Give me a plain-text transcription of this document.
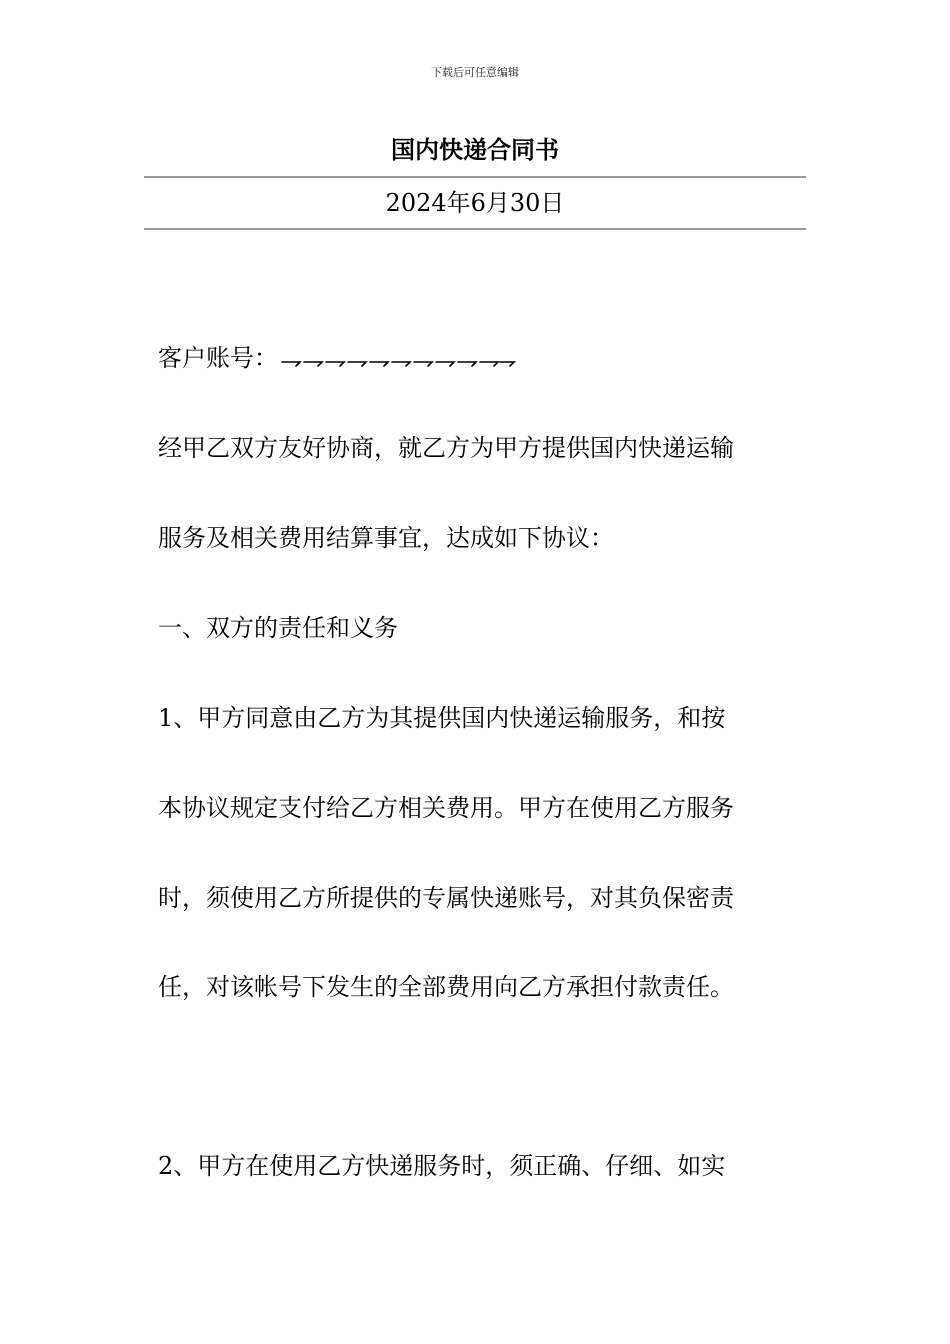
下载后可任意编辑
国内快递合同书
2024年6月30日
客户账号：
经甲乙双方友好协商，就乙方为甲方提供国内快递运输
服务及相关费用结算事宜，达成如下协议：
一、双方的责任和义务
1、甲方同意由乙方为其提供国内快递运输服务，和按
本协议规定支付给乙方相关费用。甲方在使用乙方服务
时，须使用乙方所提供的专属快递账号，对其负保密责
任，对该帐号下发生的全部费用向乙方承担付款责任。
2、甲方在使用乙方快递服务时，须正确、仔细、如实
